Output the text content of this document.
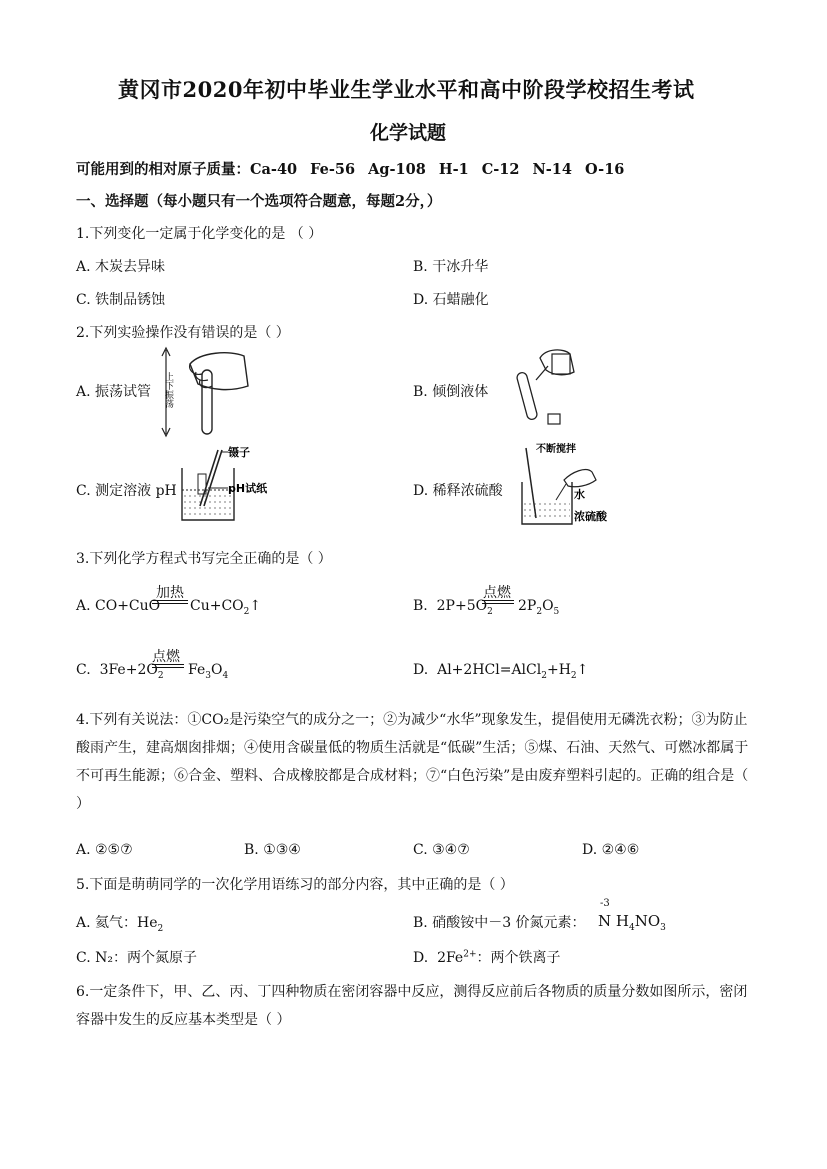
黄冈市2020年初中毕业生学业水平和高中阶段学校招生考试
化学试题
可能用到的相对原子质量：Ca-40 Fe-56 Ag-108 H-1 C-12 N-14 O-16
一、选择题（每小题只有一个选项符合题意，每题2分，）
1.下列变化一定属于化学变化的是 （ ）
A. 木炭去异味	B. 干冰升华
C. 铁制品锈蚀	D. 石蜡融化
2.下列实验操作没有错误的是（ ）
A. 振荡试管	B. 倾倒液体
C. 测定溶液 pH	D. 稀释浓硫酸
上下振荡
镊子
pH试纸
不断搅拌
水
浓硫酸
3.下列化学方程式书写完全正确的是（ ）
A. CO+CuO
加热
$Cu+CO_2↑$	B.  $2P+5O_2$
点燃
$2P_2O_5$
C.  $3Fe+2O_2$
点燃
$Fe_3O_4$	D.  $Al+2HCl=AlCl_2+H_2↑$
4.下列有关说法：①CO₂是污染空气的成分之一；②为减少“水华”现象发生，提倡使用无磷洗衣粉；③为防止酸雨产生，建高烟囱排烟；④使用含碳量低的物质生活就是“低碳”生活；⑤煤、石油、天然气、可燃冰都属于不可再生能源；⑥合金、塑料、合成橡胶都是合成材料；⑦“白色污染”是由废弃塑料引起的。正确的组合是（ ）
A. ②⑤⑦	B. ①③④	C. ③④⑦	D. ②④⑥
5.下面是萌萌同学的一次化学用语练习的部分内容，其中正确的是（ ）
A. 氦气：$He_2$	B. 硝酸铵中－3 价氮元素：
-3
N $H_4NO_3$
C. N₂：两个氮原子	D.  $2Fe^{2+}$：两个铁离子
6.一定条件下，甲、乙、丙、丁四种物质在密闭容器中反应，测得反应前后各物质的质量分数如图所示，密闭容器中发生的反应基本类型是（ ）
